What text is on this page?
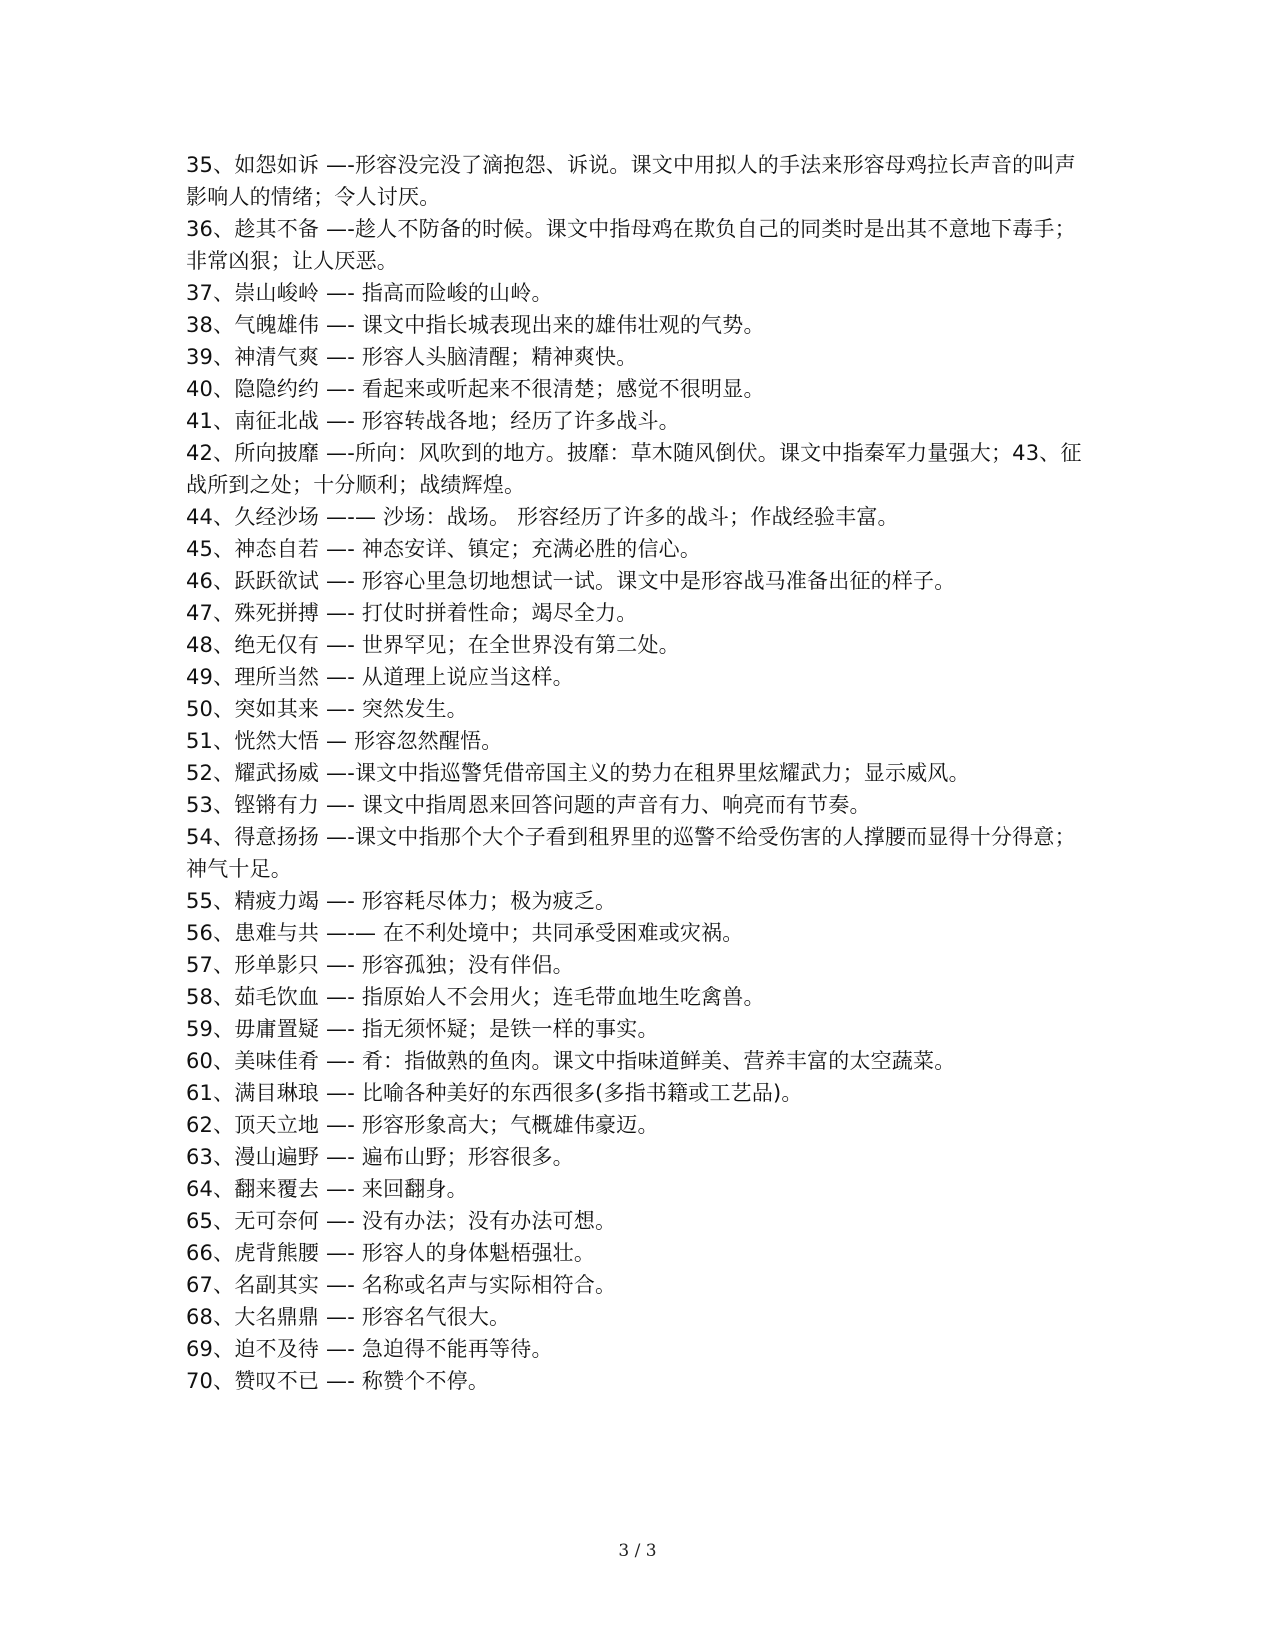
35、如怨如诉 —-形容没完没了滴抱怨、诉说。课文中用拟人的手法来形容母鸡拉长声音的叫声影响人的情绪；令人讨厌。

36、趁其不备 —-趁人不防备的时候。课文中指母鸡在欺负自己的同类时是出其不意地下毒手；非常凶狠；让人厌恶。

37、崇山峻岭 —- 指高而险峻的山岭。

38、气魄雄伟 —- 课文中指长城表现出来的雄伟壮观的气势。

39、神清气爽 —- 形容人头脑清醒；精神爽快。

40、隐隐约约 —- 看起来或听起来不很清楚；感觉不很明显。

41、南征北战 —- 形容转战各地；经历了许多战斗。

42、所向披靡 —-所向：风吹到的地方。披靡：草木随风倒伏。课文中指秦军力量强大；43、征战所到之处；十分顺利；战绩辉煌。

44、久经沙场 —-— 沙场：战场。 形容经历了许多的战斗；作战经验丰富。

45、神态自若 —- 神态安详、镇定；充满必胜的信心。

46、跃跃欲试 —- 形容心里急切地想试一试。课文中是形容战马准备出征的样子。

47、殊死拼搏 —- 打仗时拼着性命；竭尽全力。

48、绝无仅有 —- 世界罕见；在全世界没有第二处。

49、理所当然 —- 从道理上说应当这样。

50、突如其来 —- 突然发生。

51、恍然大悟 — 形容忽然醒悟。

52、耀武扬威 —-课文中指巡警凭借帝国主义的势力在租界里炫耀武力；显示威风。

53、铿锵有力 —- 课文中指周恩来回答问题的声音有力、响亮而有节奏。

54、得意扬扬 —-课文中指那个大个子看到租界里的巡警不给受伤害的人撑腰而显得十分得意；神气十足。

55、精疲力竭 —- 形容耗尽体力；极为疲乏。

56、患难与共 —-— 在不利处境中；共同承受困难或灾祸。

57、形单影只 —- 形容孤独；没有伴侣。

58、茹毛饮血 —- 指原始人不会用火；连毛带血地生吃禽兽。

59、毋庸置疑 —- 指无须怀疑；是铁一样的事实。

60、美味佳肴 —- 肴：指做熟的鱼肉。课文中指味道鲜美、营养丰富的太空蔬菜。

61、满目琳琅 —- 比喻各种美好的东西很多(多指书籍或工艺品)。

62、顶天立地 —- 形容形象高大；气概雄伟豪迈。

63、漫山遍野 —- 遍布山野；形容很多。

64、翻来覆去 —- 来回翻身。

65、无可奈何 —- 没有办法；没有办法可想。

66、虎背熊腰 —- 形容人的身体魁梧强壮。

67、名副其实 —- 名称或名声与实际相符合。

68、大名鼎鼎 —- 形容名气很大。

69、迫不及待 —- 急迫得不能再等待。

70、赞叹不已 —- 称赞个不停。

3 / 3
